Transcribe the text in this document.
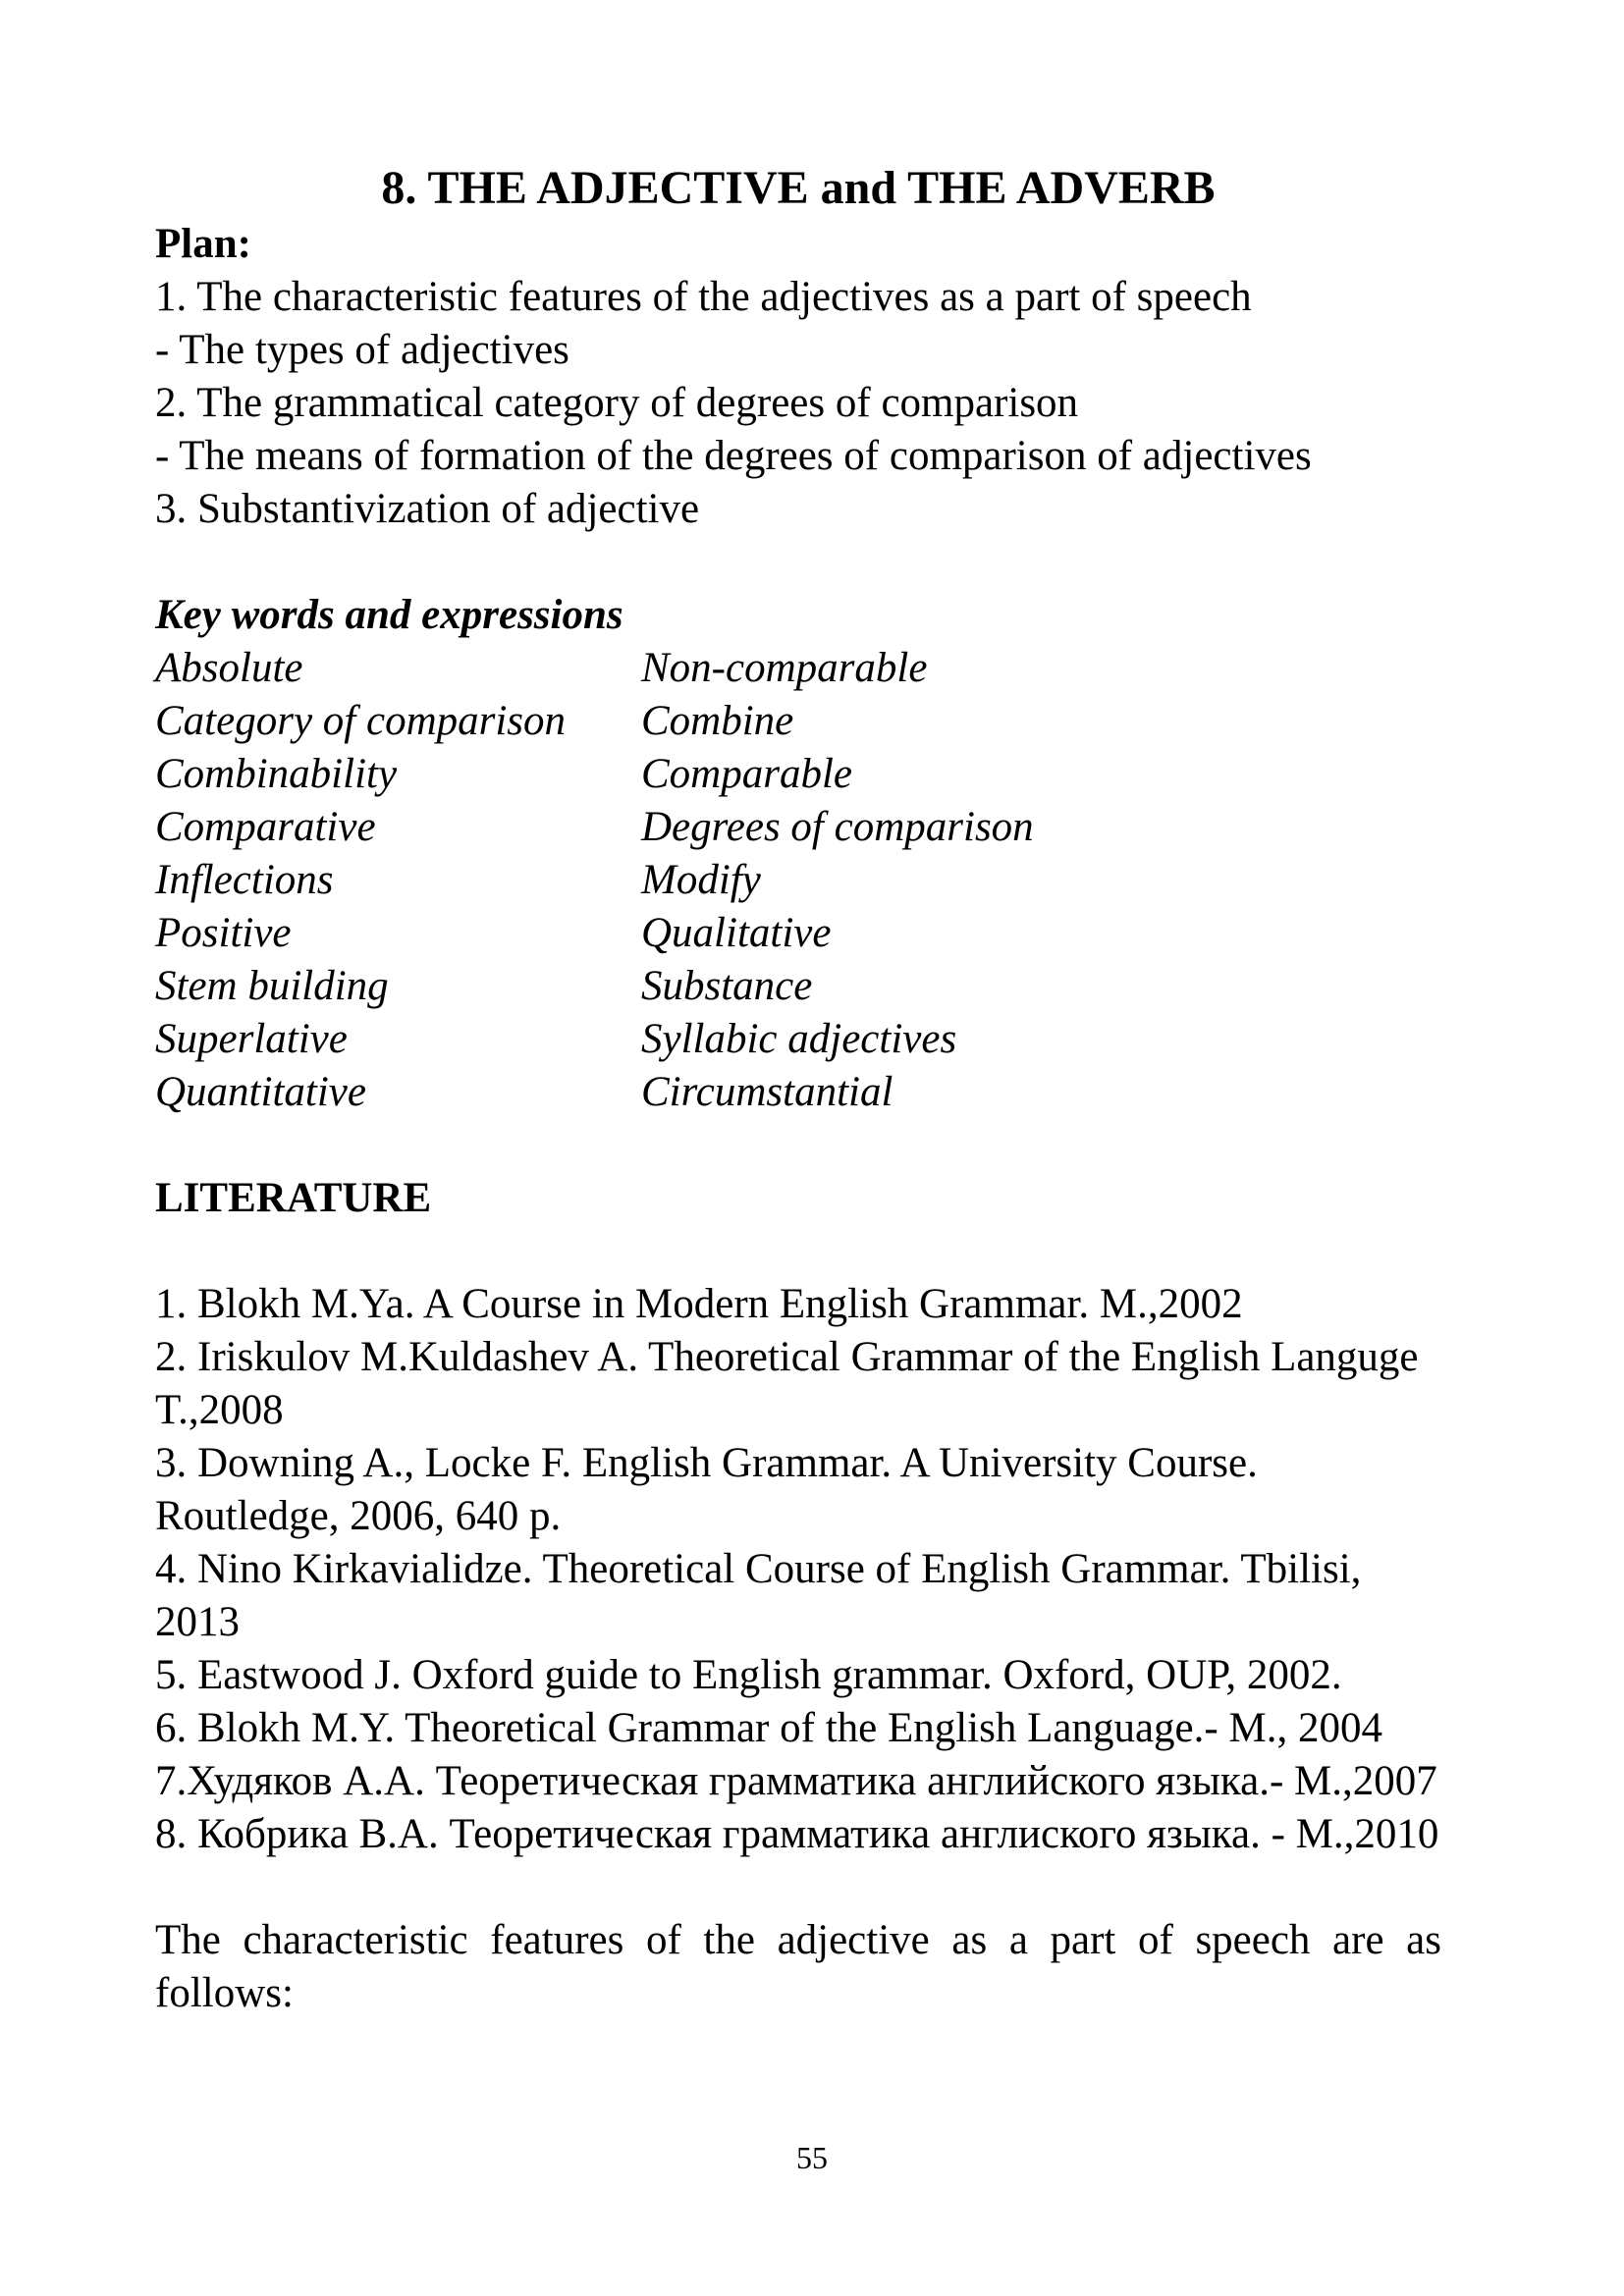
8. THE ADJECTIVE and THE ADVERB

Plan:

1. The characteristic features of the adjectives as a part of speech

- The types of adjectives

2. The grammatical category of degrees of comparison

- The means of formation of the degrees of comparison of adjectives

3. Substantivization of adjective

Key words and expressions

Absolute	Non-comparable
Category of comparison	Combine
Combinability	Comparable
Comparative	Degrees of comparison
Inflections	Modify
Positive	Qualitative
Stem building	Substance
Superlative	Syllabic adjectives
Quantitative	Circumstantial

LITERATURE

1. Blokh M.Ya. A Course in Modern English Grammar. M.,2002

2. Iriskulov M.Kuldashev A. Theoretical Grammar of the English Languge T.,2008

3. Downing A., Locke F. English Grammar. A University Course. Routledge, 2006, 640 p.

4. Nino Kirkavialidze. Theoretical Course of English Grammar. Tbilisi, 2013

5. Eastwood J. Oxford guide to English grammar. Oxford, OUP, 2002.

6. Blokh M.Y. Theoretical Grammar of the English Language.- M., 2004

7.Худяков А.А. Теоретическая грамматика английского языка.- М.,2007

8. Кобрика В.А. Теоретическая грамматика англиского языка. - М.,2010

The characteristic features of the adjective as a part of speech are as

follows:

55
